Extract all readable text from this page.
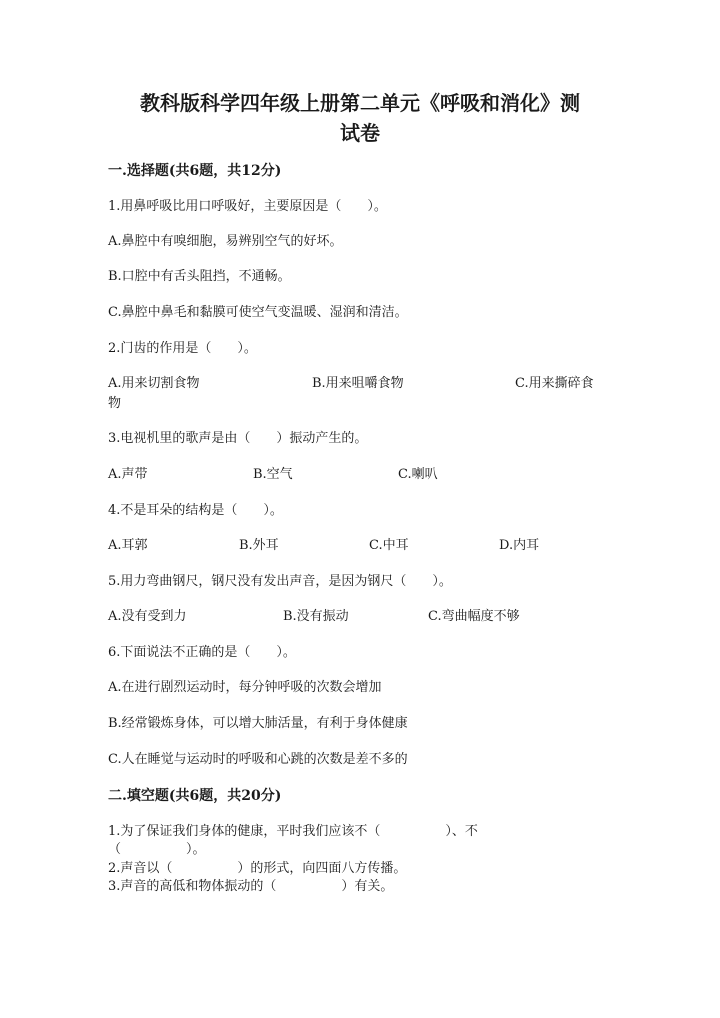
教科版科学四年级上册第二单元《呼吸和消化》测
试卷
一.选择题(共6题，共12分)
1.用鼻呼吸比用口呼吸好，主要原因是（　　）。
A.鼻腔中有嗅细胞，易辨别空气的好坏。
B.口腔中有舌头阻挡，不通畅。
C.鼻腔中鼻毛和黏膜可使空气变温暖、湿润和清洁。
2.门齿的作用是（　　）。
A.用来切割食物	B.用来咀嚼食物	C.用来撕碎食
物
3.电视机里的歌声是由（　　）振动产生的。
A.声带	B.空气	C.喇叭
4.不是耳朵的结构是（　　）。
A.耳郭	B.外耳	C.中耳	D.内耳
5.用力弯曲钢尺，钢尺没有发出声音，是因为钢尺（　　）。
A.没有受到力	B.没有振动	C.弯曲幅度不够
6.下面说法不正确的是（　　）。
A.在进行剧烈运动时，每分钟呼吸的次数会增加
B.经常锻炼身体，可以增大肺活量，有利于身体健康
C.人在睡觉与运动时的呼吸和心跳的次数是差不多的
二.填空题(共6题，共20分)
1.为了保证我们身体的健康，平时我们应该不（　　　　　）、不
（　　　　　）。
2.声音以（　　　　　）的形式，向四面八方传播。
3.声音的高低和物体振动的（　　　　　）有关。
